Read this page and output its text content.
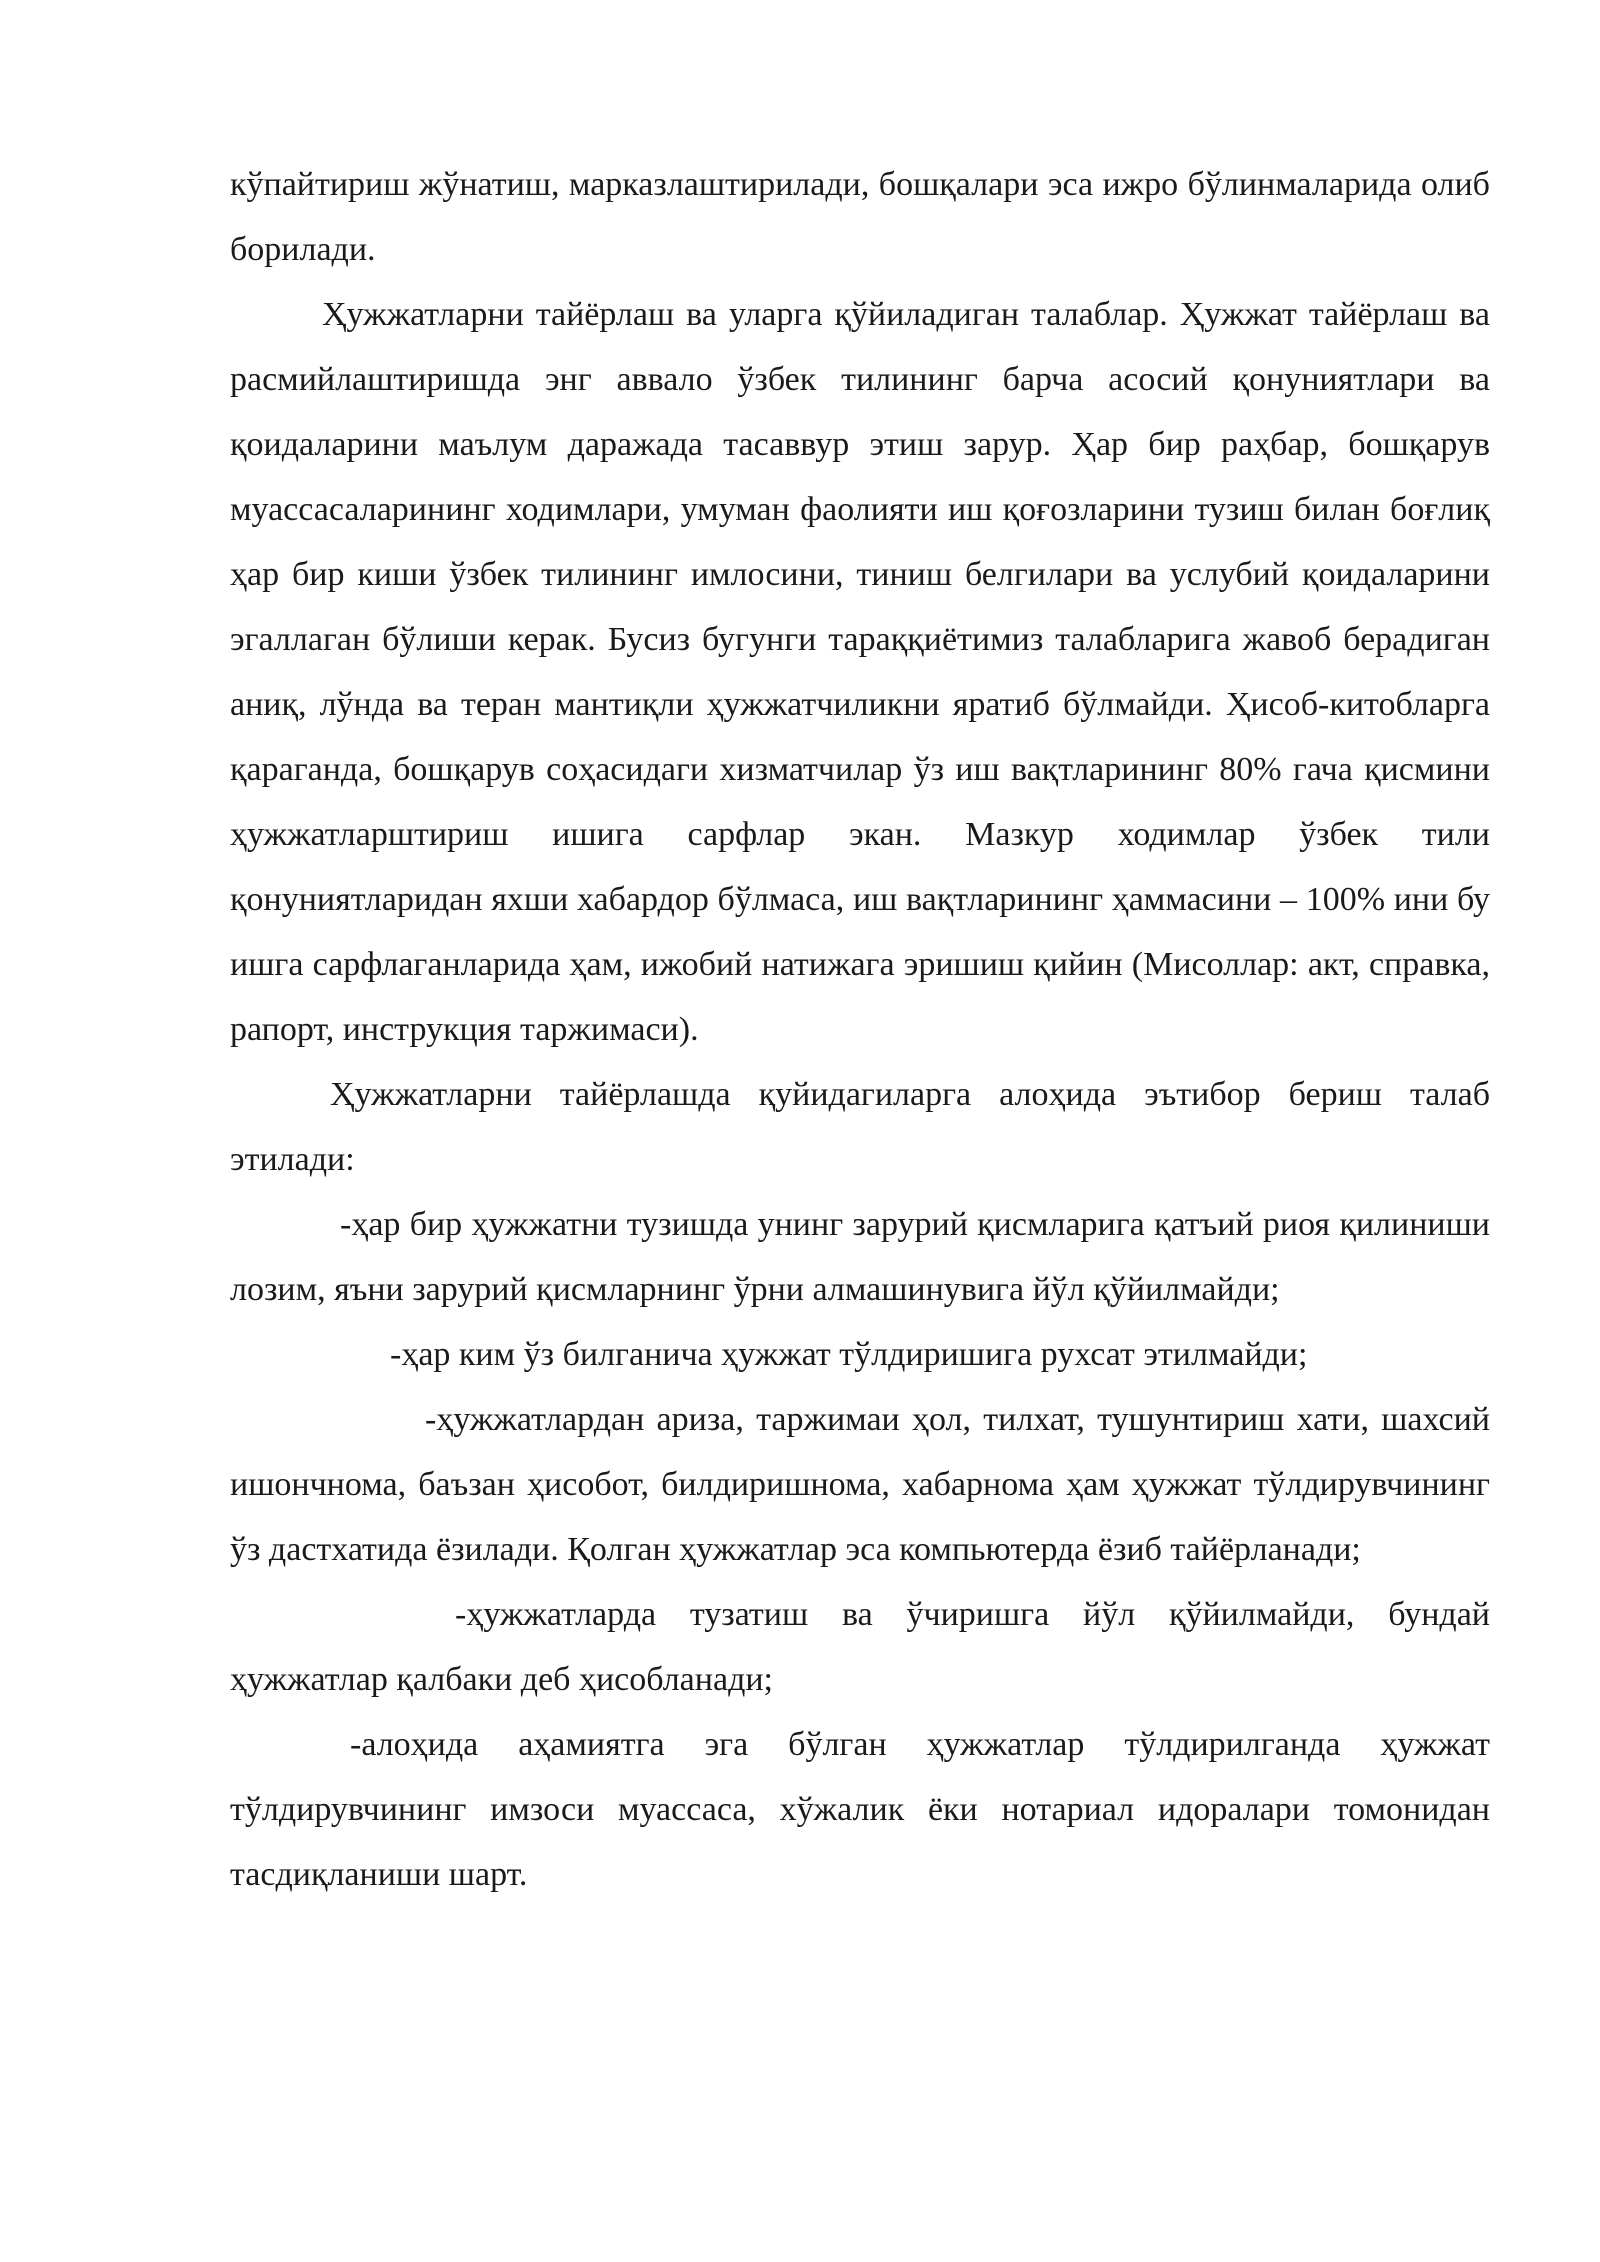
кўпайтириш жўнатиш, марказлаштирилади, бошқалари эса ижро бўлинмаларида олиб борилади.

Ҳужжатларни тайёрлаш ва уларга қўйиладиган талаблар. Ҳужжат тайёрлаш ва расмийлаштиришда энг аввало ўзбек тилининг барча асосий қонуниятлари ва қоидаларини маълум даражада тасаввур этиш зарур. Ҳар бир раҳбар, бошқарув муассасаларининг ходимлари, умуман фаолияти иш қоғозларини тузиш билан боғлиқ ҳар бир киши ўзбек тилининг имлосини, тиниш белгилари ва услубий қоидаларини эгаллаган бўлиши керак. Бусиз бугунги тараққиётимиз талабларига жавоб берадиган аниқ, лўнда ва теран мантиқли ҳужжатчиликни яратиб бўлмайди. Ҳисоб-китобларга қараганда, бошқарув соҳасидаги хизматчилар ўз иш вақтларининг 80% гача қисмини ҳужжатларштириш ишига сарфлар экан. Мазкур ходимлар ўзбек тили қонуниятларидан яхши хабардор бўлмаса, иш вақтларининг ҳаммасини – 100% ини бу ишга сарфлаганларида ҳам, ижобий натижага эришиш қийин (Мисоллар: акт, справка, рапорт, инструкция таржимаси).

Ҳужжатларни тайёрлашда қуйидагиларга алоҳида эътибор бериш талаб этилади:

-ҳар бир ҳужжатни тузишда унинг зарурий қисмларига қатъий риоя қилиниши лозим, яъни зарурий қисмларнинг ўрни алмашинувига йўл қўйилмайди;

-ҳар ким ўз билганича ҳужжат тўлдиришига рухсат этилмайди;

-ҳужжатлардан ариза, таржимаи ҳол, тилхат, тушунтириш хати, шахсий ишончнома, баъзан ҳисобот, билдиришнома, хабарнома ҳам ҳужжат тўлдирувчининг ўз дастхатида ёзилади. Қолган ҳужжатлар эса компьютерда ёзиб тайёрланади;

-ҳужжатларда тузатиш ва ўчиришга йўл қўйилмайди, бундай ҳужжатлар қалбаки деб ҳисобланади;

-алоҳида аҳамиятга эга бўлган ҳужжатлар тўлдирилганда ҳужжат тўлдирувчининг имзоси муассаса, хўжалик ёки нотариал идоралари томонидан тасдиқланиши шарт.
